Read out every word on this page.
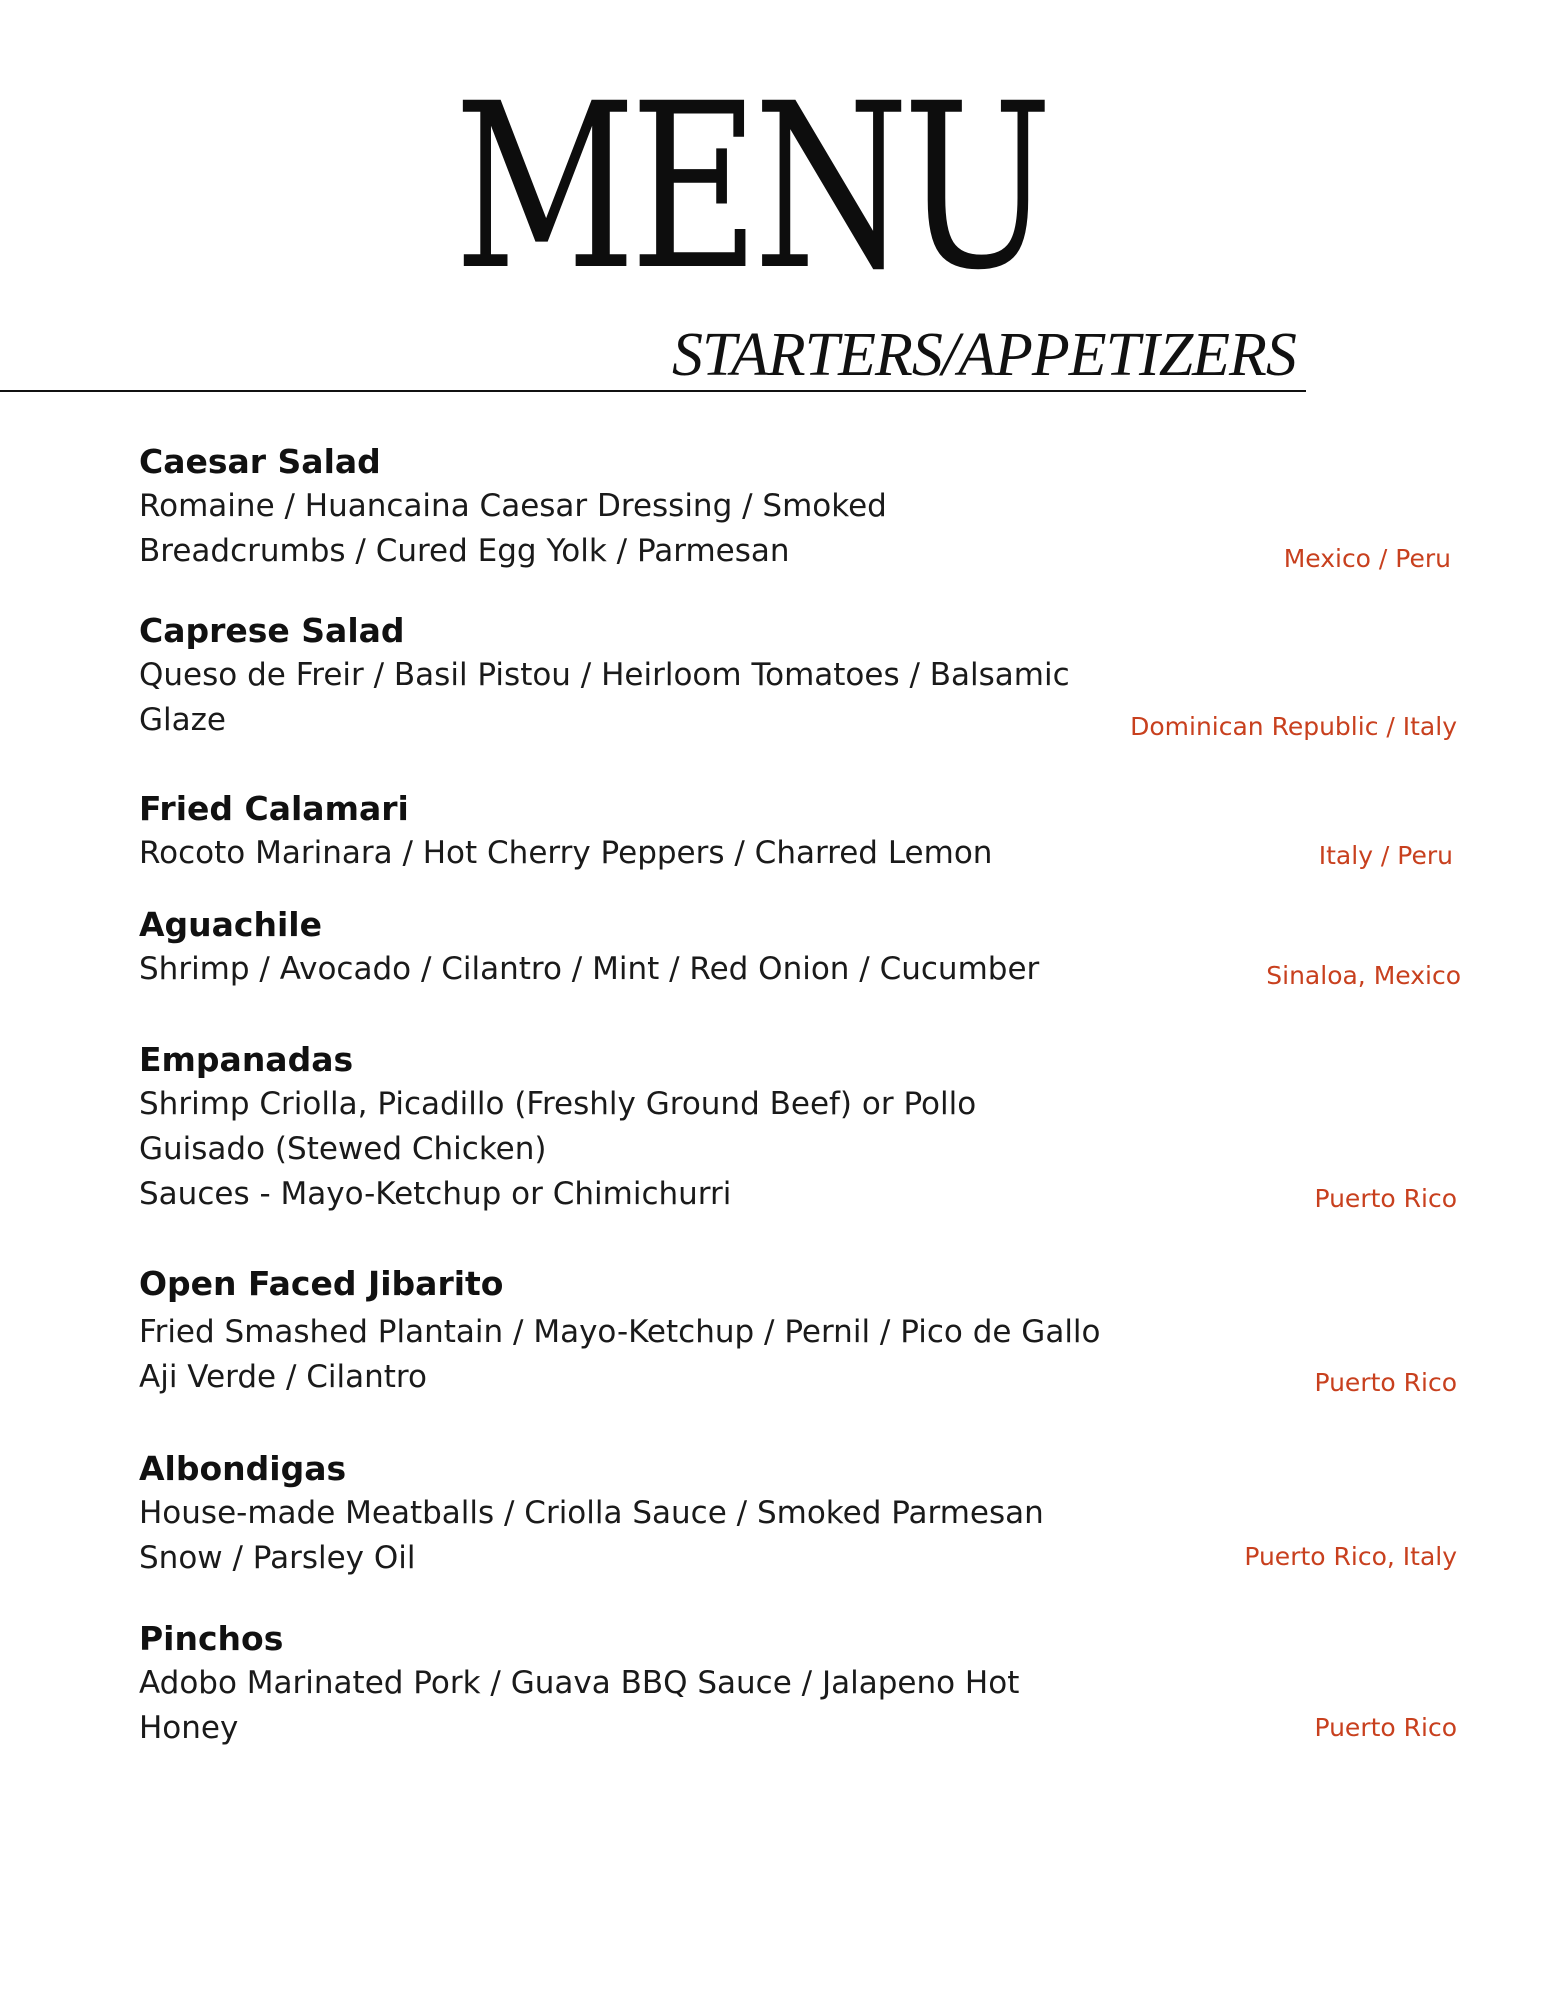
MENU
STARTERS/APPETIZERS
Caesar Salad
Romaine / Huancaina Caesar Dressing / Smoked
Breadcrumbs / Cured Egg Yolk / Parmesan	Mexico / Peru
Caprese Salad
Queso de Freir / Basil Pistou / Heirloom Tomatoes / Balsamic
Glaze	Dominican Republic / Italy
Fried Calamari
Rocoto Marinara / Hot Cherry Peppers / Charred Lemon	Italy / Peru
Aguachile
Shrimp / Avocado / Cilantro / Mint / Red Onion / Cucumber	Sinaloa, Mexico
Empanadas
Shrimp Criolla, Picadillo (Freshly Ground Beef) or Pollo
Guisado (Stewed Chicken)
Sauces - Mayo-Ketchup or Chimichurri	Puerto Rico
Open Faced Jibarito
Fried Smashed Plantain / Mayo-Ketchup / Pernil / Pico de Gallo
Aji Verde / Cilantro	Puerto Rico
Albondigas
House-made Meatballs / Criolla Sauce / Smoked Parmesan
Snow / Parsley Oil	Puerto Rico, Italy
Pinchos
Adobo Marinated Pork / Guava BBQ Sauce / Jalapeno Hot
Honey	Puerto Rico
